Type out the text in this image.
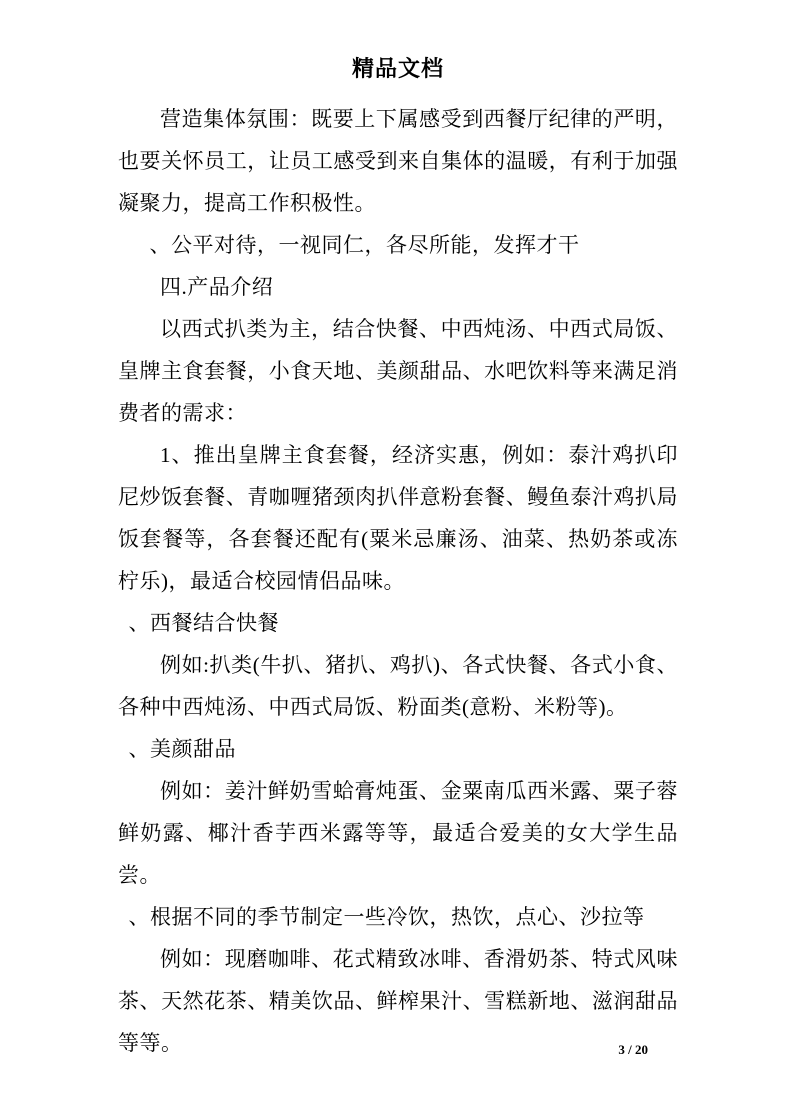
精品文档

营造集体氛围：既要上下属感受到西餐厅纪律的严明，也要关怀员工，让员工感受到来自集体的温暖，有利于加强凝聚力，提高工作积极性。

、公平对待，一视同仁，各尽所能，发挥才干

四.产品介绍

以西式扒类为主，结合快餐、中西炖汤、中西式局饭、皇牌主食套餐，小食天地、美颜甜品、水吧饮料等来满足消费者的需求：

1、推出皇牌主食套餐，经济实惠，例如：泰汁鸡扒印尼炒饭套餐、青咖喱猪颈肉扒伴意粉套餐、鳗鱼泰汁鸡扒局饭套餐等，各套餐还配有(粟米忌廉汤、油菜、热奶茶或冻柠乐)，最适合校园情侣品味。

、西餐结合快餐

例如:扒类(牛扒、猪扒、鸡扒)、各式快餐、各式小食、各种中西炖汤、中西式局饭、粉面类(意粉、米粉等)。

、美颜甜品

例如：姜汁鲜奶雪蛤膏炖蛋、金粟南瓜西米露、粟子蓉鲜奶露、椰汁香芋西米露等等，最适合爱美的女大学生品尝。

、根据不同的季节制定一些冷饮，热饮，点心、沙拉等

例如：现磨咖啡、花式精致冰啡、香滑奶茶、特式风味茶、天然花茶、精美饮品、鲜榨果汁、雪糕新地、滋润甜品等等。	3 / 20
